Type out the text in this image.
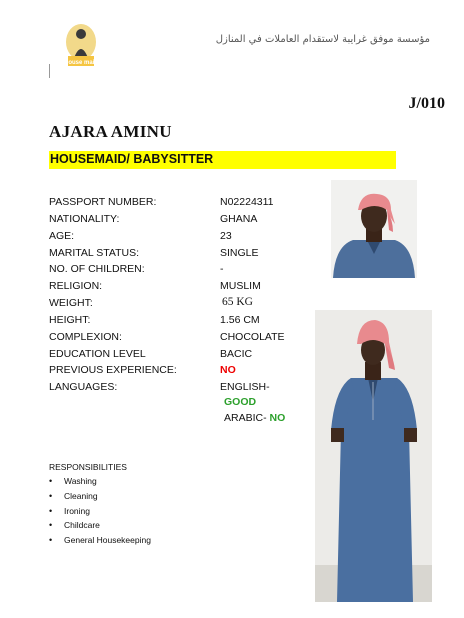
House maid
مؤسسة موفق غرايبة لاستقدام العاملات في المنازل
J/010
AJARA AMINU
HOUSEMAID/ BABYSITTER
PASSPORT NUMBER:	N02224311
NATIONALITY:	GHANA
AGE:	23
MARITAL STATUS:	SINGLE
NO. OF CHILDREN:	-
RELIGION:	MUSLIM
WEIGHT:	65 KG
HEIGHT:	1.56 CM
COMPLEXION:	CHOCOLATE
EDUCATION LEVEL	BACIC
PREVIOUS EXPERIENCE:	NO
LANGUAGES:	ENGLISH-
GOOD
ARABIC- NO
RESPONSIBILITIES
• Washing
• Cleaning
• Ironing
• Childcare
• General Housekeeping
